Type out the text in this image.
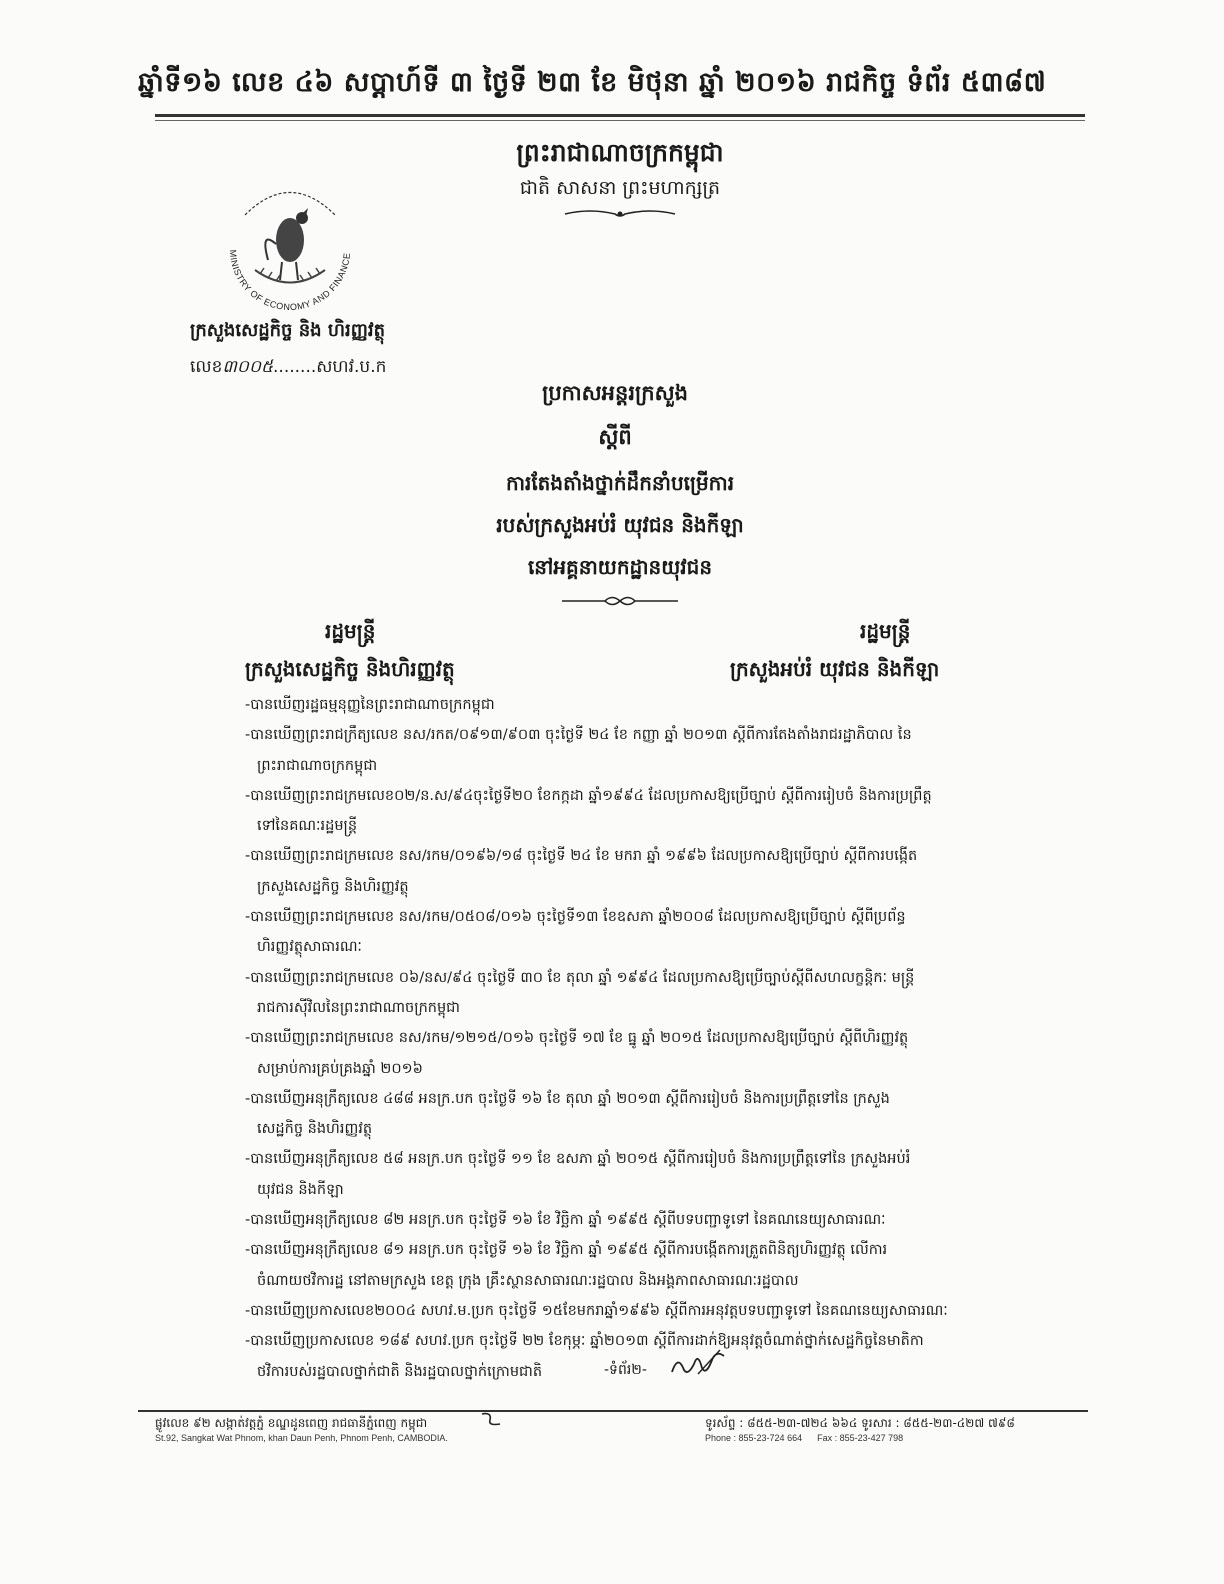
ឆ្នាំទី១៦ លេខ ៤៦ សប្ដាហ៍ទី ៣ ថ្ងៃទី ២៣ ខែ មិថុនា ឆ្នាំ ២០១៦ រាជកិច្ច ទំព័រ ៥៣៨៧
ព្រះរាជាណាចក្រកម្ពុជា
ជាតិ សាសនា ព្រះមហាក្សត្រ
MINISTRY OF ECONOMY AND FINANCE
ក្រសួងសេដ្ឋកិច្ច និង ហិរញ្ញវត្ថុ
លេខ៣០០៥........សហវ.ប.ក
ប្រកាសអន្តរក្រសួង
ស្តីពី
ការតែងតាំងថ្នាក់ដឹកនាំបម្រើការ
របស់ក្រសួងអប់រំ យុវជន និងកីឡា
នៅអគ្គនាយកដ្ឋានយុវជន
រដ្ឋមន្ត្រី
ក្រសួងសេដ្ឋកិច្ច និងហិរញ្ញវត្ថុ
រដ្ឋមន្ត្រី
ក្រសួងអប់រំ យុវជន និងកីឡា
-បានឃើញរដ្ឋធម្មនុញ្ញនៃព្រះរាជាណាចក្រកម្ពុជា
-បានឃើញព្រះរាជក្រឹត្យលេខ នស/រកត/០៩១៣/៩០៣ ចុះថ្ងៃទី ២៤ ខែ កញ្ញា ឆ្នាំ ២០១៣ ស្តីពីការតែងតាំងរាជរដ្ឋាភិបាល នៃ
ព្រះរាជាណាចក្រកម្ពុជា
-បានឃើញព្រះរាជក្រមលេខ០២/ន.ស/៩៤ចុះថ្ងៃទី២០ ខែកក្កដា ឆ្នាំ១៩៩៤ ដែលប្រកាសឱ្យប្រើច្បាប់ ស្តីពីការរៀបចំ និងការប្រព្រឹត្ត
ទៅនៃគណៈរដ្ឋមន្ត្រី
-បានឃើញព្រះរាជក្រមលេខ នស/រកម/០១៩៦/១៨ ចុះថ្ងៃទី ២៤ ខែ មករា ឆ្នាំ ១៩៩៦ ដែលប្រកាសឱ្យប្រើច្បាប់ ស្តីពីការបង្កើត
ក្រសួងសេដ្ឋកិច្ច និងហិរញ្ញវត្ថុ
-បានឃើញព្រះរាជក្រមលេខ នស/រកម/០៥០៨/០១៦ ចុះថ្ងៃទី១៣ ខែឧសភា ឆ្នាំ២០០៨ ដែលប្រកាសឱ្យប្រើច្បាប់ ស្តីពីប្រព័ន្ធ
ហិរញ្ញវត្ថុសាធារណៈ
-បានឃើញព្រះរាជក្រមលេខ ០៦/នស/៩៤ ចុះថ្ងៃទី ៣០ ខែ តុលា ឆ្នាំ ១៩៩៤ ដែលប្រកាសឱ្យប្រើច្បាប់ស្តីពីសហលក្ខន្តិកៈ មន្ត្រី
រាជការស៊ីវិលនៃព្រះរាជាណាចក្រកម្ពុជា
-បានឃើញព្រះរាជក្រមលេខ នស/រកម/១២១៥/០១៦ ចុះថ្ងៃទី ១៧ ខែ ធ្នូ ឆ្នាំ ២០១៥ ដែលប្រកាសឱ្យប្រើច្បាប់ ស្តីពីហិរញ្ញវត្ថុ
សម្រាប់ការគ្រប់គ្រងឆ្នាំ ២០១៦
-បានឃើញអនុក្រឹត្យលេខ ៤៨៨ អនក្រ.បក ចុះថ្ងៃទី ១៦ ខែ តុលា ឆ្នាំ ២០១៣ ស្តីពីការរៀបចំ និងការប្រព្រឹត្តទៅនៃ ក្រសួង
សេដ្ឋកិច្ច និងហិរញ្ញវត្ថុ
-បានឃើញអនុក្រឹត្យលេខ ៥៨ អនក្រ.បក ចុះថ្ងៃទី ១១ ខែ ឧសភា ឆ្នាំ ២០១៥ ស្តីពីការរៀបចំ និងការប្រព្រឹត្តទៅនៃ ក្រសួងអប់រំ
យុវជន និងកីឡា
-បានឃើញអនុក្រឹត្យលេខ ៨២ អនក្រ.បក ចុះថ្ងៃទី ១៦ ខែ វិច្ឆិកា ឆ្នាំ ១៩៩៥ ស្តីពីបទបញ្ជាទូទៅ នៃគណនេយ្យសាធារណៈ
-បានឃើញអនុក្រឹត្យលេខ ៨១ អនក្រ.បក ចុះថ្ងៃទី ១៦ ខែ វិច្ឆិកា ឆ្នាំ ១៩៩៥ ស្តីពីការបង្កើតការត្រួតពិនិត្យហិរញ្ញវត្ថុ លើការ
ចំណាយថវិការដ្ឋ នៅតាមក្រសួង ខេត្ត ក្រុង គ្រឹះស្ថានសាធារណៈរដ្ឋបាល និងអង្គភាពសាធារណៈរដ្ឋបាល
-បានឃើញប្រកាសលេខ២០០៤ សហវ.ម.ប្រក ចុះថ្ងៃទី ១៥ខែមករាឆ្នាំ១៩៩៦ ស្តីពីការអនុវត្តបទបញ្ជាទូទៅ នៃគណនេយ្យសាធារណៈ
-បានឃើញប្រកាសលេខ ១៨៩ សហវ.ប្រក ចុះថ្ងៃទី ២២ ខែកុម្ភៈ ឆ្នាំ២០១៣ ស្តីពីការដាក់ឱ្យអនុវត្តចំណាត់ថ្នាក់សេដ្ឋកិច្ចនៃមាតិកា
ថវិការបស់រដ្ឋបាលថ្នាក់ជាតិ និងរដ្ឋបាលថ្នាក់ក្រោមជាតិ	-ទំព័រ២-
ផ្លូវលេខ ៩២ សង្កាត់វត្តភ្នំ ខណ្ឌដូនពេញ រាជធានីភ្នំពេញ កម្ពុជា
St.92, Sangkat Wat Phnom, khan Daun Penh, Phnom Penh, CAMBODIA.
ទូរស័ព្ទ : ៨៥៥-២៣-៧២៤ ៦៦៤ ទូរសារ : ៨៥៥-២៣-៤២៧ ៧៩៨
Phone : 855-23-724 664 Fax : 855-23-427 798
